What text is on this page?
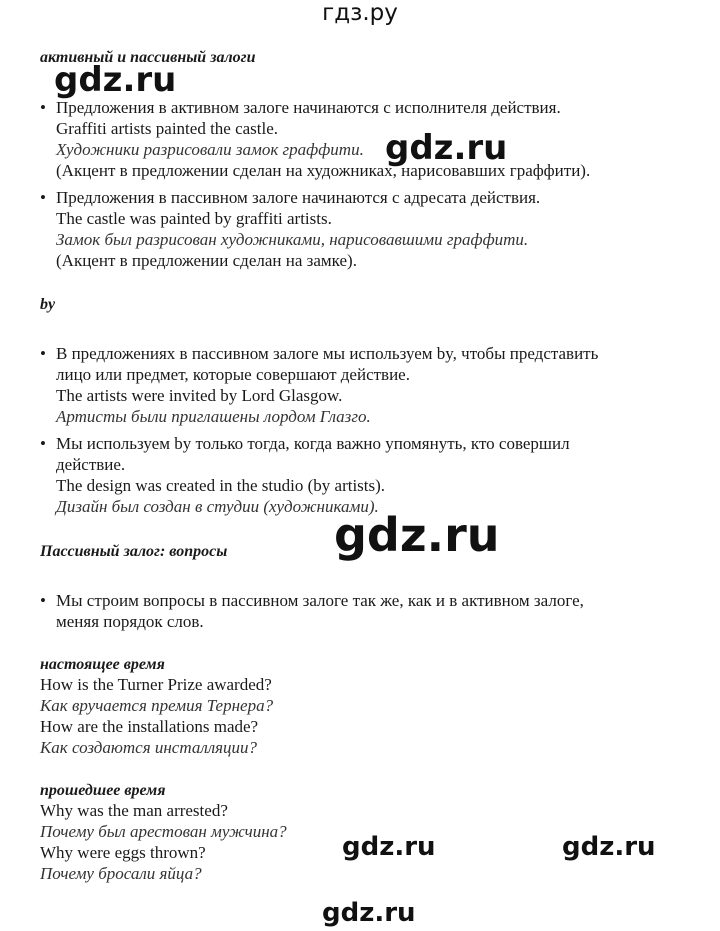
гдз.ру
активный и пассивный залоги
• Предложения в активном залоге начинаются с исполнителя действия.
Graffiti artists painted the castle.
Художники разрисовали замок граффити.
(Акцент в предложении сделан на художниках, нарисовавших граффити).
• Предложения в пассивном залоге начинаются с адресата действия.
The castle was painted by graffiti artists.
Замок был разрисован художниками, нарисовавшими граффити.
(Акцент в предложении сделан на замке).
by
• В предложениях в пассивном залоге мы используем by, чтобы представить
лицо или предмет, которые совершают действие.
The artists were invited by Lord Glasgow.
Артисты были приглашены лордом Глазго.
• Мы используем by только тогда, когда важно упомянуть, кто совершил
действие.
The design was created in the studio (by artists).
Дизайн был создан в студии (художниками).
Пассивный залог: вопросы
• Мы строим вопросы в пассивном залоге так же, как и в активном залоге,
меняя порядок слов.
настоящее время
How is the Turner Prize awarded?
Как вручается премия Тернера?
How are the installations made?
Как создаются инсталляции?
прошедшее время
Why was the man arrested?
Почему был арестован мужчина?
Why were eggs thrown?
Почему бросали яйца?
gdz.ru
gdz.ru
gdz.ru
gdz.ru	gdz.ru
gdz.ru
